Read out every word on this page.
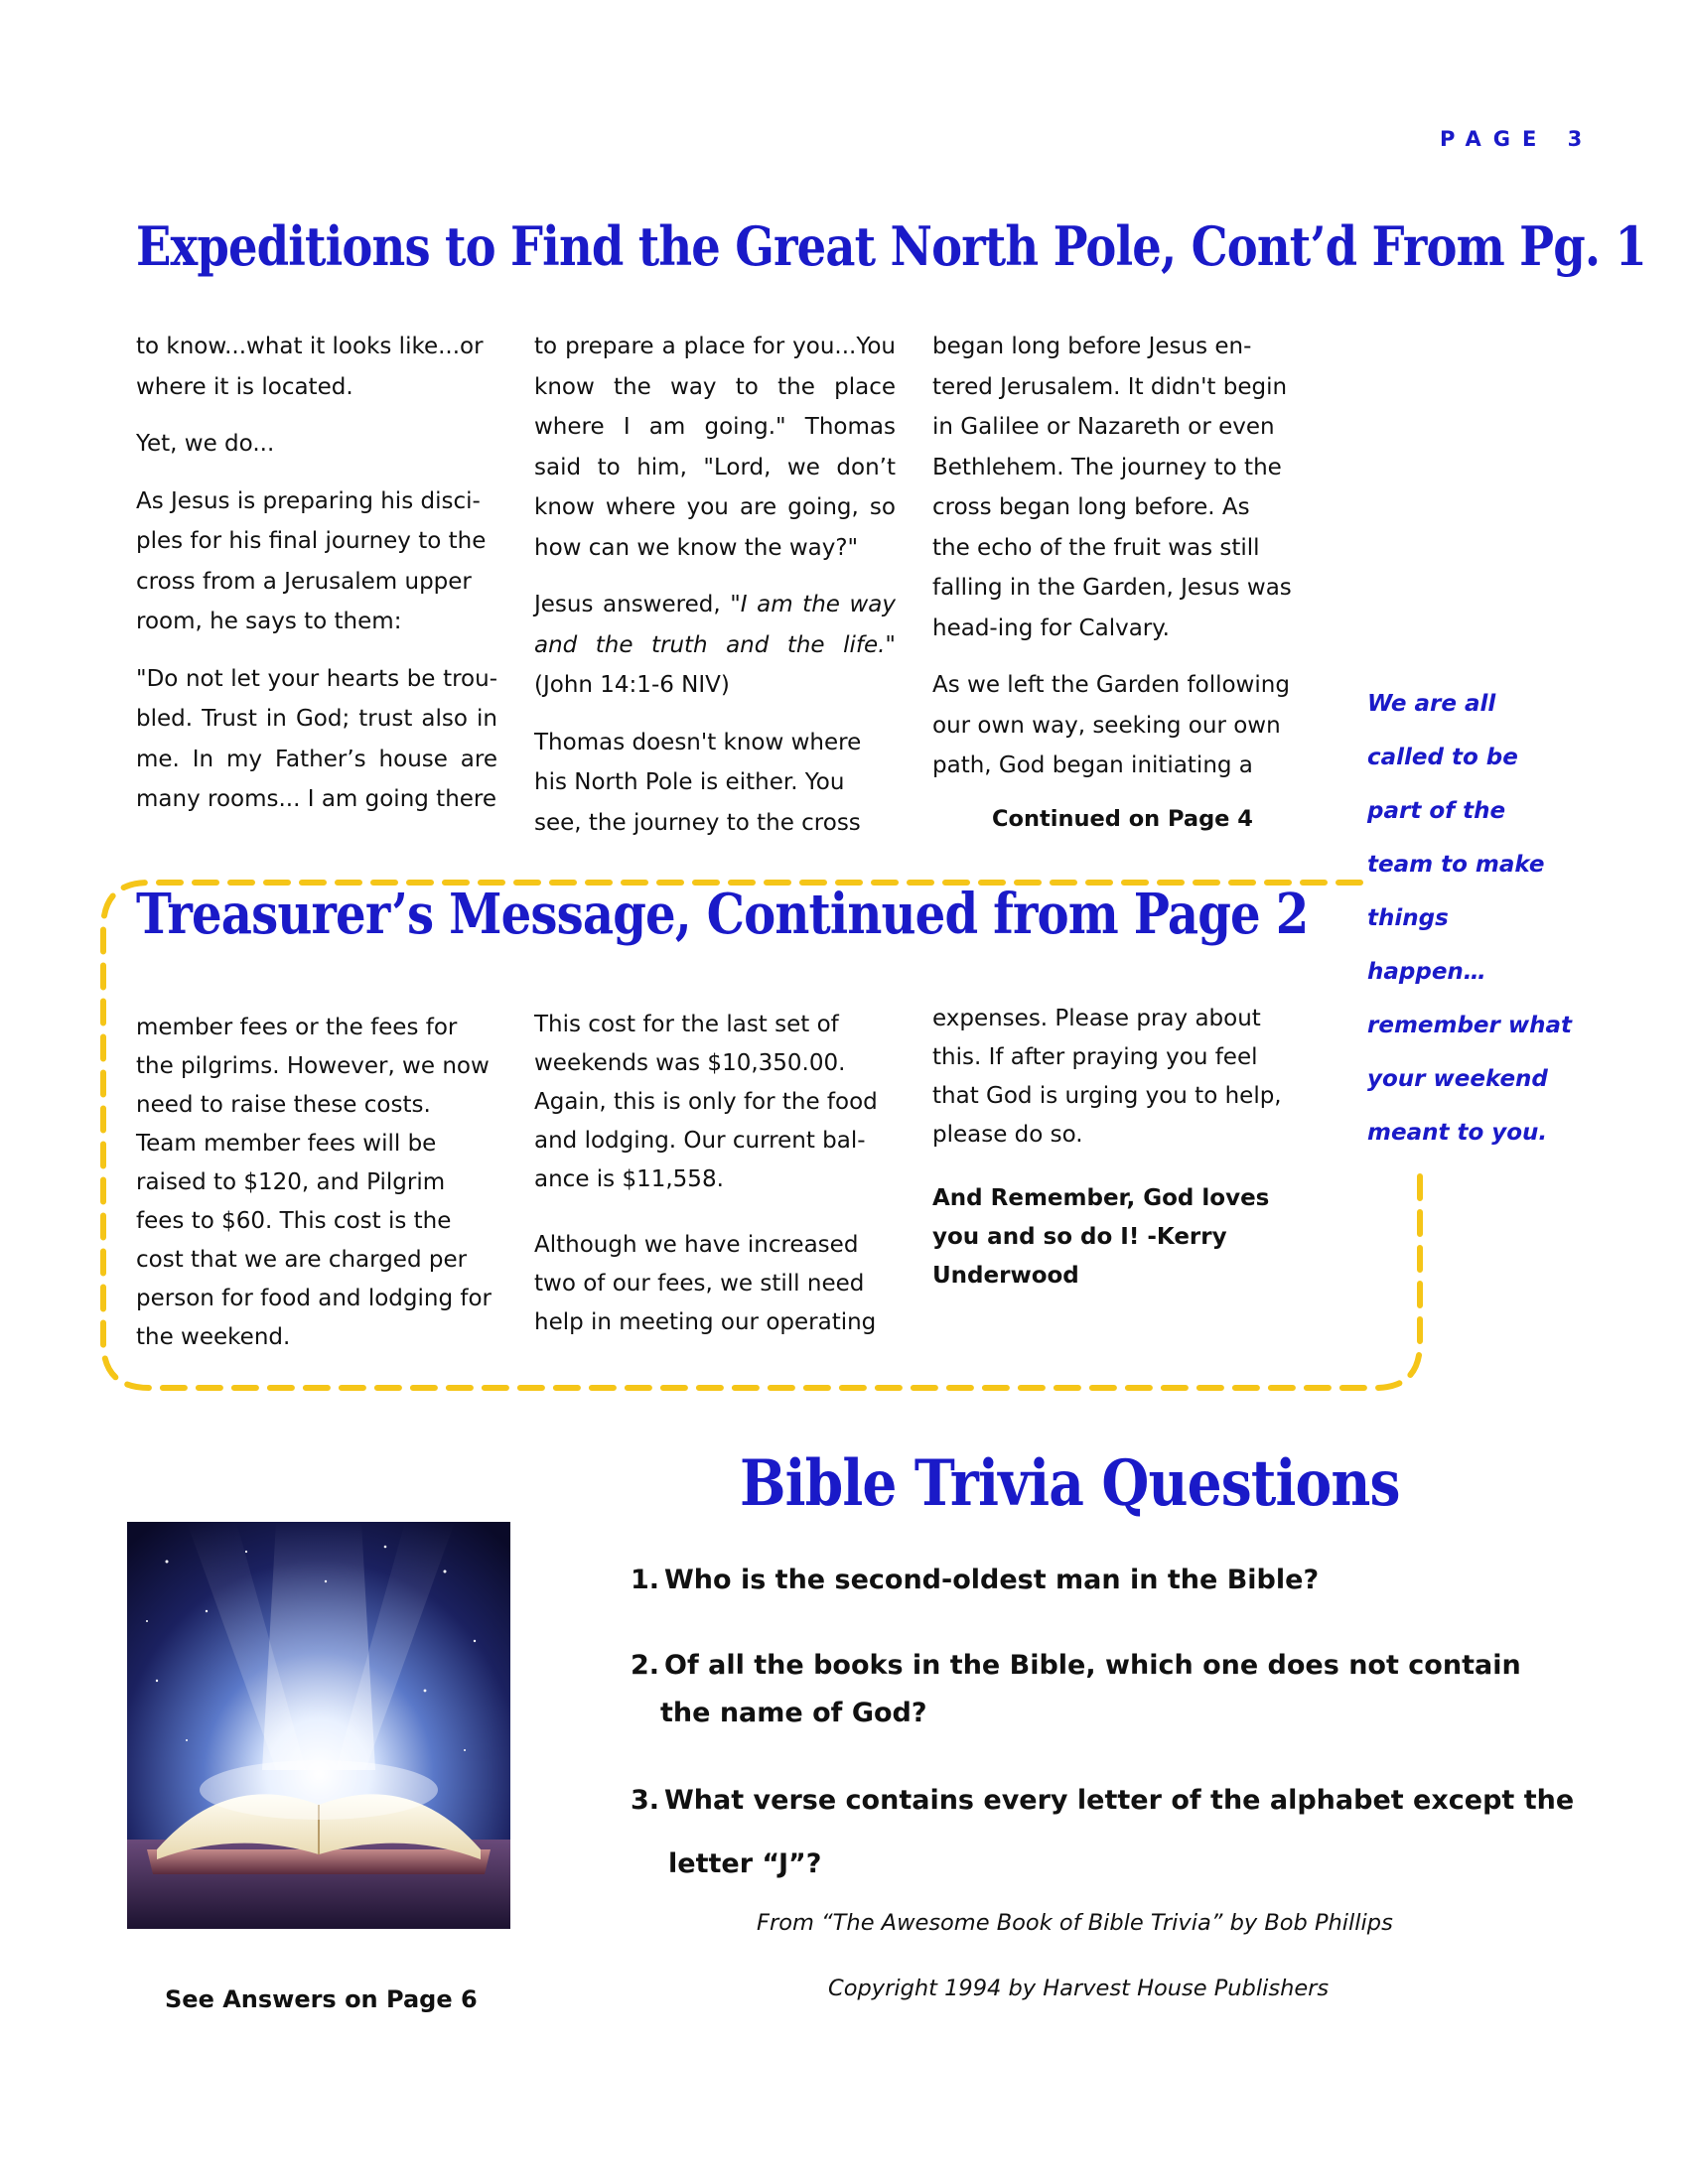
PAGE 3
Expeditions to Find the Great North Pole, Cont’d From Pg. 1

to know...what it looks like...or where it is located.

Yet, we do...

As Jesus is preparing his disci-ples for his final journey to the cross from a Jerusalem upper room, he says to them:

"Do not let your hearts be trou-bled. Trust in God; trust also in me. In my Father’s house are many rooms... I am going there

to prepare a place for you...You know the way to the place where I am going." Thomas said to him, "Lord, we don’t know where you are going, so how can we know the way?"

Jesus answered, "I am the way and the truth and the life." (John 14:1-6 NIV)

Thomas doesn't know where his North Pole is either. You see, the journey to the cross

began long before Jesus en-tered Jerusalem. It didn't begin in Galilee or Nazareth or even Bethlehem. The journey to the cross began long before. As the echo of the fruit was still falling in the Garden, Jesus was head-ing for Calvary.

As we left the Garden following our own way, seeking our own path, God began initiating a

Continued on Page 4
We are all
called to be
part of the
team to make
things
happen…
remember what
your weekend
meant to you.
Treasurer’s Message, Continued from Page 2

member fees or the fees for the pilgrims. However, we now need to raise these costs. Team member fees will be raised to $120, and Pilgrim fees to $60. This cost is the cost that we are charged per person for food and lodging for the weekend.

This cost for the last set of weekends was $10,350.00. Again, this is only for the food and lodging. Our current bal-ance is $11,558.

Although we have increased two of our fees, we still need help in meeting our operating

expenses. Please pray about this. If after praying you feel that God is urging you to help, please do so.

And Remember, God loves you and so do I! -Kerry Underwood

See Answers on Page 6
Bible Trivia Questions
1. Who is the second-oldest man in the Bible?
2. Of all the books in the Bible, which one does not contain
the name of God?
3. What verse contains every letter of the alphabet except the
letter “J”?
From “The Awesome Book of Bible Trivia” by Bob Phillips
Copyright 1994 by Harvest House Publishers
